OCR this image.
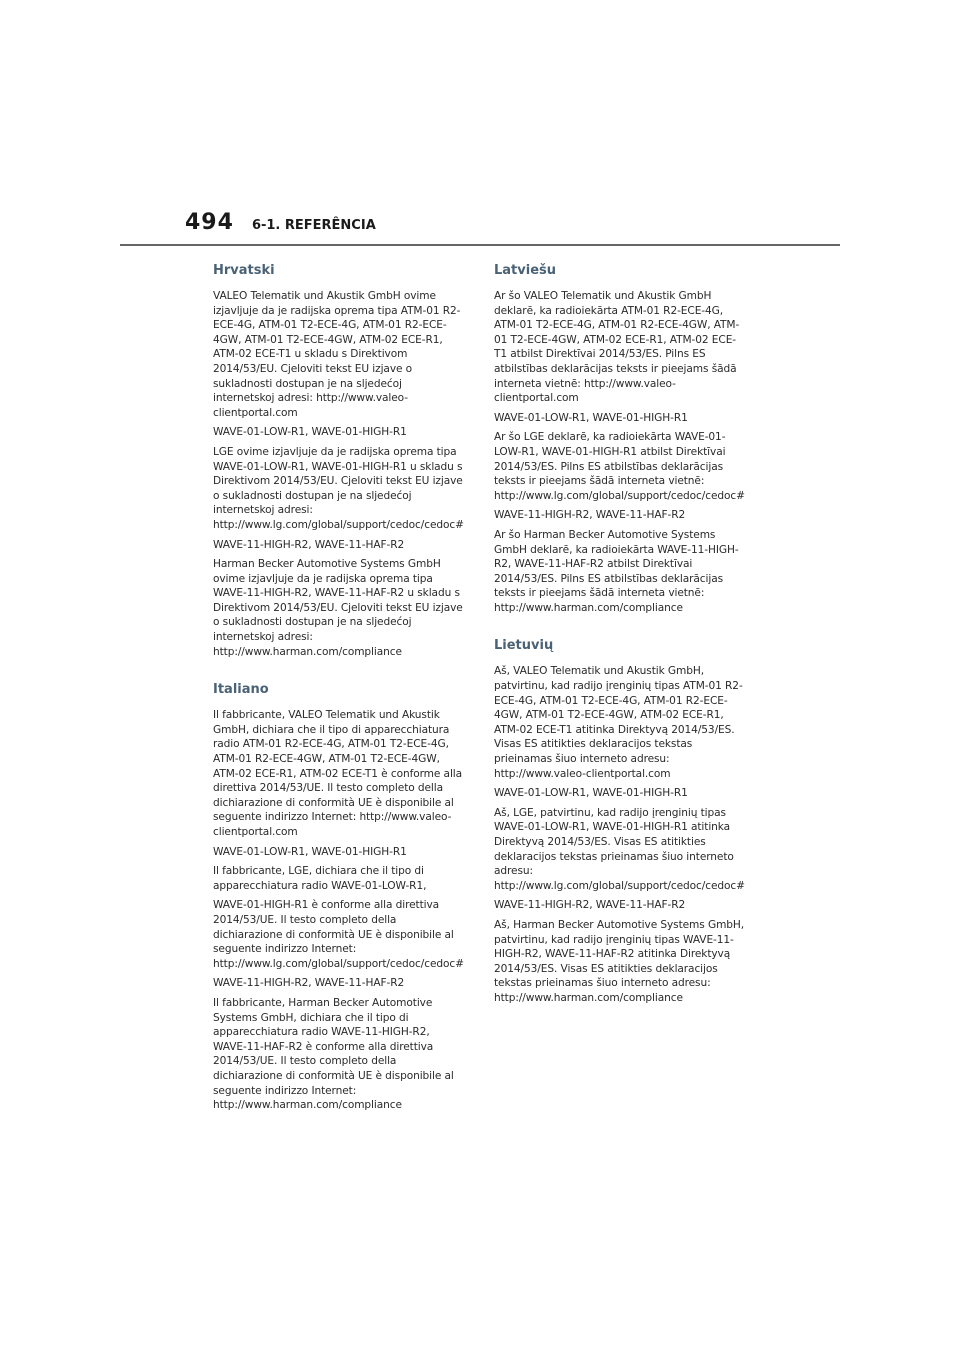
494 6-1. REFERÊNCIA
Hrvatski

VALEO Telematik und Akustik GmbH ovime izjavljuje da je radijska oprema tipa ATM-01 R2-ECE-4G, ATM-01 T2-ECE-4G, ATM-01 R2-ECE-4GW, ATM-01 T2-ECE-4GW, ATM-02 ECE-R1, ATM-02 ECE-T1 u skladu s Direktivom 2014/53/EU. Cjeloviti tekst EU izjave o sukladnosti dostupan je na sljedećoj internetskoj adresi: http://www.valeo-clientportal.com

WAVE-01-LOW-R1, WAVE-01-HIGH-R1

LGE ovime izjavljuje da je radijska oprema tipa WAVE-01-LOW-R1, WAVE-01-HIGH-R1 u skladu s Direktivom 2014/53/EU. Cjeloviti tekst EU izjave o sukladnosti dostupan je na sljedećoj internetskoj adresi: http://www.lg.com/global/support/cedoc/cedoc#

WAVE-11-HIGH-R2, WAVE-11-HAF-R2

Harman Becker Automotive Systems GmbH ovime izjavljuje da je radijska oprema tipa WAVE-11-HIGH-R2, WAVE-11-HAF-R2 u skladu s Direktivom 2014/53/EU. Cjeloviti tekst EU izjave o sukladnosti dostupan je na sljedećoj internetskoj adresi: http://www.harman.com/compliance

Italiano

Il fabbricante, VALEO Telematik und Akustik GmbH, dichiara che il tipo di apparecchiatura radio ATM-01 R2-ECE-4G, ATM-01 T2-ECE-4G, ATM-01 R2-ECE-4GW, ATM-01 T2-ECE-4GW, ATM-02 ECE-R1, ATM-02 ECE-T1 è conforme alla direttiva 2014/53/UE. Il testo completo della dichiarazione di conformità UE è disponibile al seguente indirizzo Internet: http://www.valeo-clientportal.com

WAVE-01-LOW-R1, WAVE-01-HIGH-R1

Il fabbricante, LGE, dichiara che il tipo di apparecchiatura radio WAVE-01-LOW-R1,

WAVE-01-HIGH-R1 è conforme alla direttiva 2014/53/UE. Il testo completo della dichiarazione di conformità UE è disponibile al seguente indirizzo Internet: http://www.lg.com/global/support/cedoc/cedoc#

WAVE-11-HIGH-R2, WAVE-11-HAF-R2

Il fabbricante, Harman Becker Automotive Systems GmbH, dichiara che il tipo di apparecchiatura radio WAVE-11-HIGH-R2, WAVE-11-HAF-R2 è conforme alla direttiva 2014/53/UE. Il testo completo della dichiarazione di conformità UE è disponibile al seguente indirizzo Internet: http://www.harman.com/compliance

Latviešu

Ar šo VALEO Telematik und Akustik GmbH deklarē, ka radioiekārta ATM-01 R2-ECE-4G, ATM-01 T2-ECE-4G, ATM-01 R2-ECE-4GW, ATM-01 T2-ECE-4GW, ATM-02 ECE-R1, ATM-02 ECE-T1 atbilst Direktīvai 2014/53/ES. Pilns ES atbilstības deklarācijas teksts ir pieejams šādā interneta vietnē: http://www.valeo-clientportal.com

WAVE-01-LOW-R1, WAVE-01-HIGH-R1

Ar šo LGE deklarē, ka radioiekārta WAVE-01-LOW-R1, WAVE-01-HIGH-R1 atbilst Direktīvai 2014/53/ES. Pilns ES atbilstības deklarācijas teksts ir pieejams šādā interneta vietnē: http://www.lg.com/global/support/cedoc/cedoc#

WAVE-11-HIGH-R2, WAVE-11-HAF-R2

Ar šo Harman Becker Automotive Systems GmbH deklarē, ka radioiekārta WAVE-11-HIGH-R2, WAVE-11-HAF-R2 atbilst Direktīvai 2014/53/ES. Pilns ES atbilstības deklarācijas teksts ir pieejams šādā interneta vietnē: http://www.harman.com/compliance

Lietuvių

Aš, VALEO Telematik und Akustik GmbH, patvirtinu, kad radijo įrenginių tipas ATM-01 R2-ECE-4G, ATM-01 T2-ECE-4G, ATM-01 R2-ECE-4GW, ATM-01 T2-ECE-4GW, ATM-02 ECE-R1, ATM-02 ECE-T1 atitinka Direktyvą 2014/53/ES. Visas ES atitikties deklaracijos tekstas prieinamas šiuo interneto adresu: http://www.valeo-clientportal.com

WAVE-01-LOW-R1, WAVE-01-HIGH-R1

Aš, LGE, patvirtinu, kad radijo įrenginių tipas WAVE-01-LOW-R1, WAVE-01-HIGH-R1 atitinka Direktyvą 2014/53/ES. Visas ES atitikties deklaracijos tekstas prieinamas šiuo interneto adresu: http://www.lg.com/global/support/cedoc/cedoc#

WAVE-11-HIGH-R2, WAVE-11-HAF-R2

Aš, Harman Becker Automotive Systems GmbH, patvirtinu, kad radijo įrenginių tipas WAVE-11-HIGH-R2, WAVE-11-HAF-R2 atitinka Direktyvą 2014/53/ES. Visas ES atitikties deklaracijos tekstas prieinamas šiuo interneto adresu: http://www.harman.com/compliance
